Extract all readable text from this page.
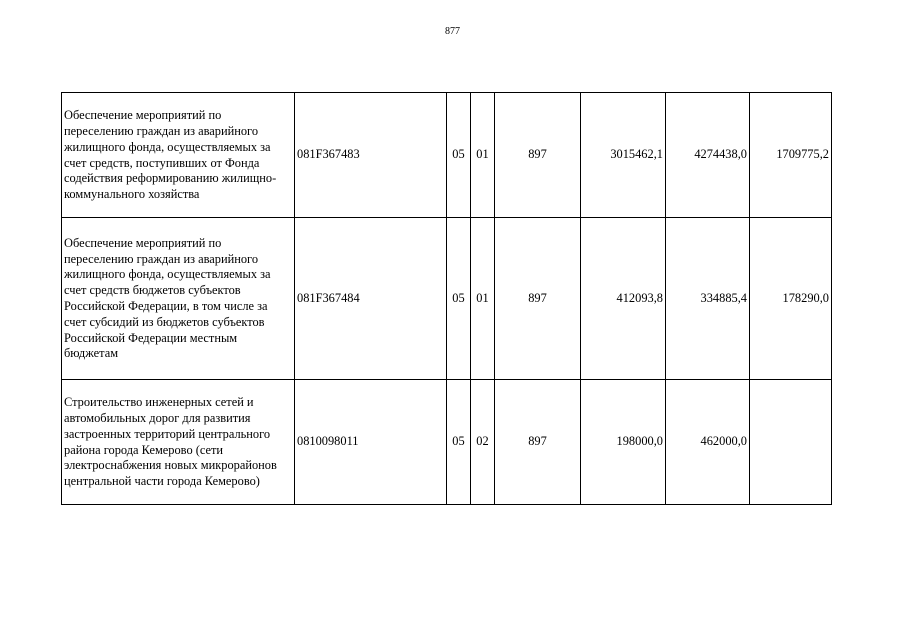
877
Обеспечение мероприятий по переселению граждан из аварийного жилищного фонда, осуществляемых за счет средств, поступивших от Фонда содействия реформированию жилищно-коммунального хозяйства	081F367483	05	01	897	3015462,1	4274438,0	1709775,2
Обеспечение мероприятий по переселению граждан из аварийного жилищного фонда, осуществляемых за счет средств бюджетов субъектов Российской Федерации, в том числе за счет субсидий из бюджетов субъектов Российской Федерации местным бюджетам	081F367484	05	01	897	412093,8	334885,4	178290,0
Строительство инженерных сетей и автомобильных дорог для развития застроенных территорий центрального района города Кемерово (сети электроснабжения новых микрорайонов центральной части города Кемерово)	0810098011	05	02	897	198000,0	462000,0	
